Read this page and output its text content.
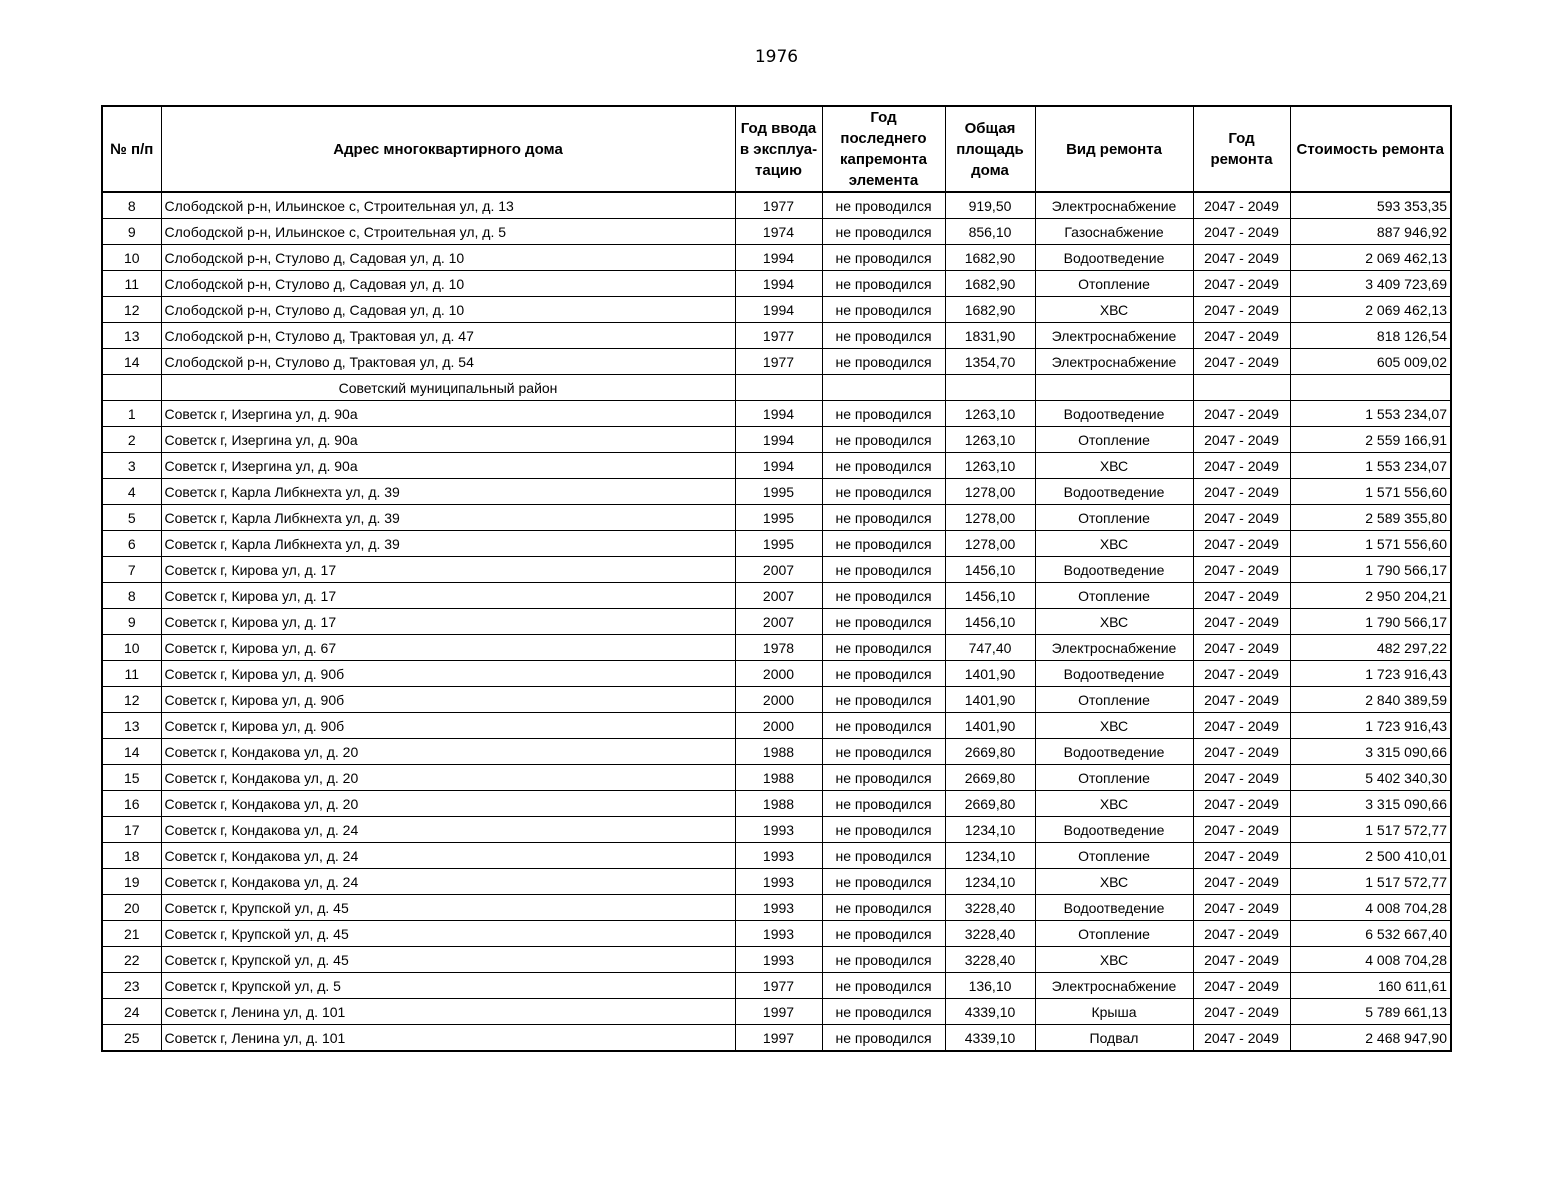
1976
№ п/п	Адрес многоквартирного дома	Год ввода в эксплуа-тацию	Год последнего капремонта элемента	Общая площадь дома	Вид ремонта	Год ремонта	Стоимость ремонта
8	Слободской р-н, Ильинское с, Строительная ул, д. 13	1977	не проводился	919,50	Электроснабжение	2047 - 2049	593 353,35
9	Слободской р-н, Ильинское с, Строительная ул, д. 5	1974	не проводился	856,10	Газоснабжение	2047 - 2049	887 946,92
10	Слободской р-н, Стулово д, Садовая ул, д. 10	1994	не проводился	1682,90	Водоотведение	2047 - 2049	2 069 462,13
11	Слободской р-н, Стулово д, Садовая ул, д. 10	1994	не проводился	1682,90	Отопление	2047 - 2049	3 409 723,69
12	Слободской р-н, Стулово д, Садовая ул, д. 10	1994	не проводился	1682,90	ХВС	2047 - 2049	2 069 462,13
13	Слободской р-н, Стулово д, Трактовая ул, д. 47	1977	не проводился	1831,90	Электроснабжение	2047 - 2049	818 126,54
14	Слободской р-н, Стулово д, Трактовая ул, д. 54	1977	не проводился	1354,70	Электроснабжение	2047 - 2049	605 009,02
	Советский муниципальный район						
1	Советск г, Изергина ул, д. 90а	1994	не проводился	1263,10	Водоотведение	2047 - 2049	1 553 234,07
2	Советск г, Изергина ул, д. 90а	1994	не проводился	1263,10	Отопление	2047 - 2049	2 559 166,91
3	Советск г, Изергина ул, д. 90а	1994	не проводился	1263,10	ХВС	2047 - 2049	1 553 234,07
4	Советск г, Карла Либкнехта ул, д. 39	1995	не проводился	1278,00	Водоотведение	2047 - 2049	1 571 556,60
5	Советск г, Карла Либкнехта ул, д. 39	1995	не проводился	1278,00	Отопление	2047 - 2049	2 589 355,80
6	Советск г, Карла Либкнехта ул, д. 39	1995	не проводился	1278,00	ХВС	2047 - 2049	1 571 556,60
7	Советск г, Кирова ул, д. 17	2007	не проводился	1456,10	Водоотведение	2047 - 2049	1 790 566,17
8	Советск г, Кирова ул, д. 17	2007	не проводился	1456,10	Отопление	2047 - 2049	2 950 204,21
9	Советск г, Кирова ул, д. 17	2007	не проводился	1456,10	ХВС	2047 - 2049	1 790 566,17
10	Советск г, Кирова ул, д. 67	1978	не проводился	747,40	Электроснабжение	2047 - 2049	482 297,22
11	Советск г, Кирова ул, д. 90б	2000	не проводился	1401,90	Водоотведение	2047 - 2049	1 723 916,43
12	Советск г, Кирова ул, д. 90б	2000	не проводился	1401,90	Отопление	2047 - 2049	2 840 389,59
13	Советск г, Кирова ул, д. 90б	2000	не проводился	1401,90	ХВС	2047 - 2049	1 723 916,43
14	Советск г, Кондакова ул, д. 20	1988	не проводился	2669,80	Водоотведение	2047 - 2049	3 315 090,66
15	Советск г, Кондакова ул, д. 20	1988	не проводился	2669,80	Отопление	2047 - 2049	5 402 340,30
16	Советск г, Кондакова ул, д. 20	1988	не проводился	2669,80	ХВС	2047 - 2049	3 315 090,66
17	Советск г, Кондакова ул, д. 24	1993	не проводился	1234,10	Водоотведение	2047 - 2049	1 517 572,77
18	Советск г, Кондакова ул, д. 24	1993	не проводился	1234,10	Отопление	2047 - 2049	2 500 410,01
19	Советск г, Кондакова ул, д. 24	1993	не проводился	1234,10	ХВС	2047 - 2049	1 517 572,77
20	Советск г, Крупской ул, д. 45	1993	не проводился	3228,40	Водоотведение	2047 - 2049	4 008 704,28
21	Советск г, Крупской ул, д. 45	1993	не проводился	3228,40	Отопление	2047 - 2049	6 532 667,40
22	Советск г, Крупской ул, д. 45	1993	не проводился	3228,40	ХВС	2047 - 2049	4 008 704,28
23	Советск г, Крупской ул, д. 5	1977	не проводился	136,10	Электроснабжение	2047 - 2049	160 611,61
24	Советск г, Ленина ул, д. 101	1997	не проводился	4339,10	Крыша	2047 - 2049	5 789 661,13
25	Советск г, Ленина ул, д. 101	1997	не проводился	4339,10	Подвал	2047 - 2049	2 468 947,90
